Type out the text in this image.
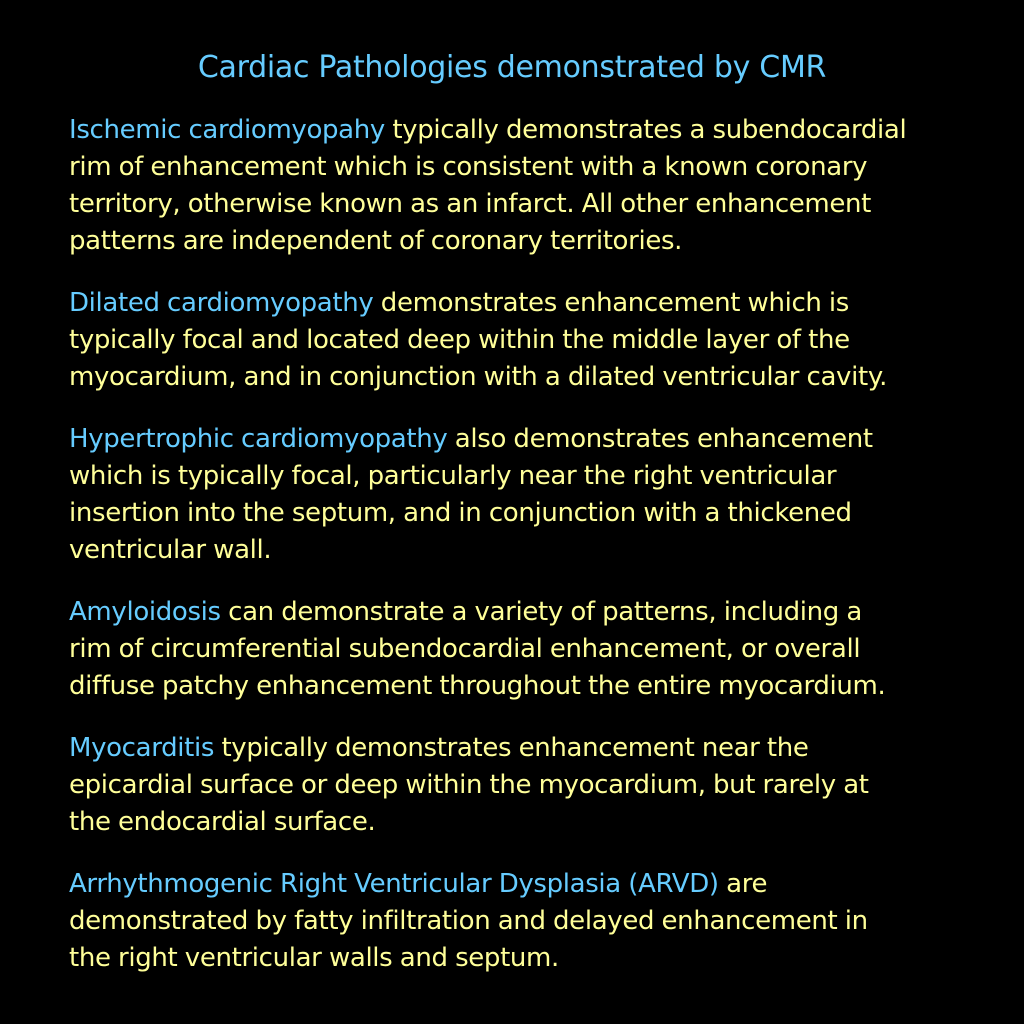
Cardiac Pathologies demonstrated by CMR
Ischemic cardiomyopahy typically demonstrates a subendocardial
rim of enhancement which is consistent with a known coronary
territory, otherwise known as an infarct. All other enhancement
patterns are independent of coronary territories.
Dilated cardiomyopathy demonstrates enhancement which is
typically focal and located deep within the middle layer of the
myocardium, and in conjunction with a dilated ventricular cavity.
Hypertrophic cardiomyopathy also demonstrates enhancement
which is typically focal, particularly near the right ventricular
insertion into the septum, and in conjunction with a thickened
ventricular wall.
Amyloidosis can demonstrate a variety of patterns, including a
rim of circumferential subendocardial enhancement, or overall
diffuse patchy enhancement throughout the entire myocardium.
Myocarditis typically demonstrates enhancement near the
epicardial surface or deep within the myocardium, but rarely at
the endocardial surface.
Arrhythmogenic Right Ventricular Dysplasia (ARVD) are
demonstrated by fatty infiltration and delayed enhancement in
the right ventricular walls and septum.
